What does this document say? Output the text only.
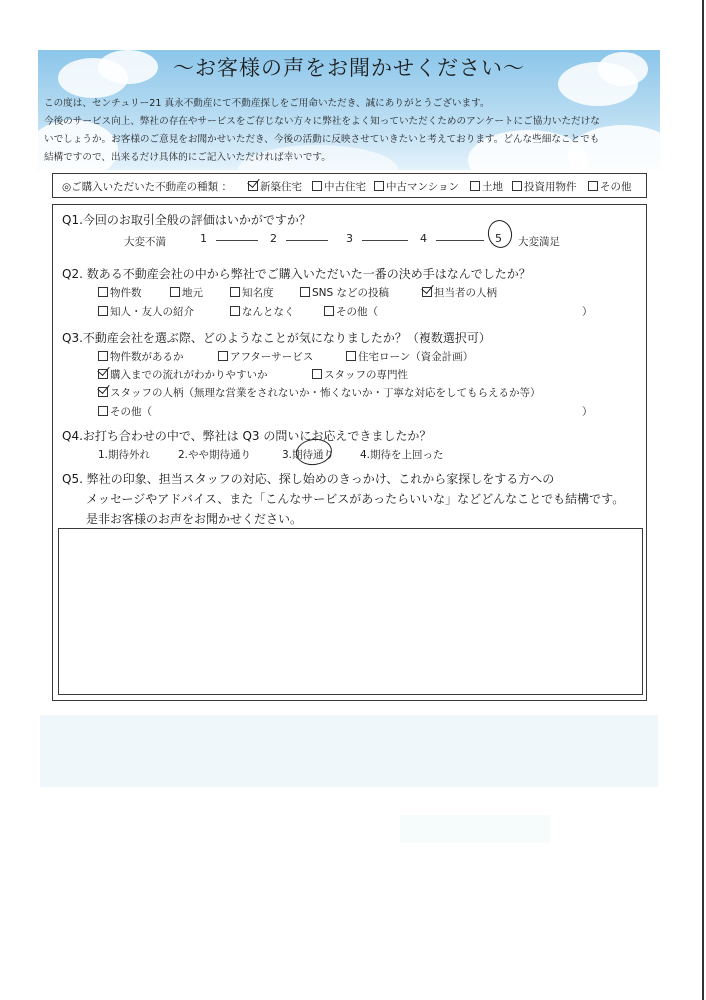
〜お客様の声をお聞かせください〜
この度は、センチュリー21 真永不動産にて不動産探しをご用命いただき、誠にありがとうございます。
今後のサービス向上、弊社の存在やサービスをご存じない方々に弊社をよく知っていただくためのアンケートにご協力いただけな
いでしょうか。お客様のご意見をお聞かせいただき、今後の活動に反映させていきたいと考えております。どんな些細なことでも
結構ですので、出来るだけ具体的にご記入いただければ幸いです。
◎ご購入いただいた不動産の種類 ：	新築住宅	中古住宅	中古マンション	土地	投資用物件	その他
Q1.今回のお取引全般の評価はいかがですか？
大変不満	1	2	3	4	5 大変満足
Q2. 数ある不動産会社の中から弊社でご購入いただいた一番の決め手はなんでしたか？
物件数	地元	知名度	SNS などの投稿	担当者の人柄
知人・友人の紹介	なんとなく	その他（	）
Q3.不動産会社を選ぶ際、どのようなことが気になりましたか？（複数選択可）
物件数があるか	アフターサービス	住宅ローン（資金計画）
購入までの流れがわかりやすいか	スタッフの専門性
スタッフの人柄（無理な営業をされないか・怖くないか・丁寧な対応をしてもらえるか等）
その他（	）
Q4.お打ち合わせの中で、弊社は Q3 の問いにお応えできましたか？
1.期待外れ	2.やや期待通り	3.期待通り 4.期待を上回った
Q5. 弊社の印象、担当スタッフの対応、探し始めのきっかけ、これから家探しをする方への
メッセージやアドバイス、また「こんなサービスがあったらいいな」などどんなことでも結構です。
是非お客様のお声をお聞かせください。
